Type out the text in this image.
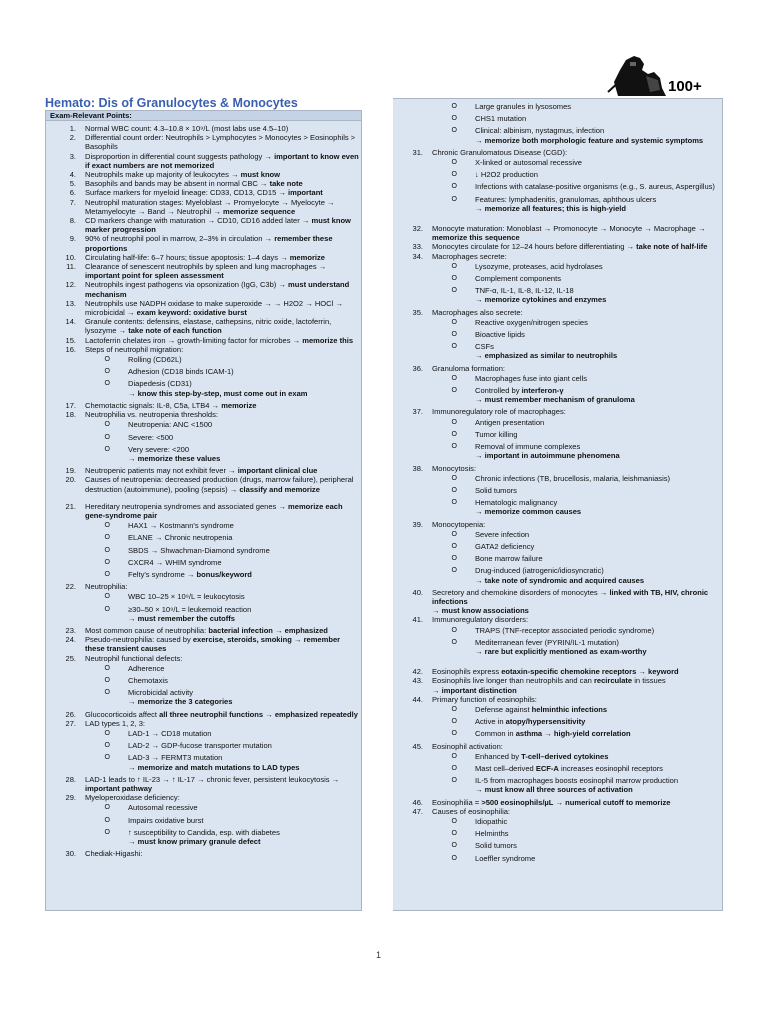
100+
Hemato: Dis of Granulocytes & Monocytes
Exam-Relevant Points:
1.	Normal WBC count: 4.3–10.8 × 10⁹/L (most labs use 4.5–10)
2.	Differential count order: Neutrophils > Lymphocytes > Monocytes > Eosinophils > Basophils
3.	Disproportion in differential count suggests pathology → important to know even if exact numbers are not memorized
4.	Neutrophils make up majority of leukocytes → must know
5.	Basophils and bands may be absent in normal CBC → take note
6.	Surface markers for myeloid lineage: CD33, CD13, CD15 → important
7.	Neutrophil maturation stages: Myeloblast → Promyelocyte → Myelocyte → Metamyelocyte → Band → Neutrophil → memorize sequence
8.	CD markers change with maturation → CD10, CD16 added later → must know marker progression
9.	90% of neutrophil pool in marrow, 2–3% in circulation → remember these proportions
10.	Circulating half-life: 6–7 hours; tissue apoptosis: 1–4 days → memorize
11.	Clearance of senescent neutrophils by spleen and lung macrophages → important point for spleen assessment
12.	Neutrophils ingest pathogens via opsonization (IgG, C3b) → must understand mechanism
13.	Neutrophils use NADPH oxidase to make superoxide → → H2O2 → HOCl → microbicidal → exam keyword: oxidative burst
14.	Granule contents: defensins, elastase, cathepsins, nitric oxide, lactoferrin, lysozyme → take note of each function
15.	Lactoferrin chelates iron → growth-limiting factor for microbes → memorize this
16.	Steps of neutrophil migration:
O	Rolling (CD62L)
O	Adhesion (CD18 binds ICAM-1)
O	Diapedesis (CD31)
→ know this step-by-step, must come out in exam
17.	Chemotactic signals: IL-8, C5a, LTB4 → memorize
18.	Neutrophilia vs. neutropenia thresholds:
O	Neutropenia: ANC <1500
O	Severe: <500
O	Very severe: <200
→ memorize these values
19.	Neutropenic patients may not exhibit fever → important clinical clue
20.	Causes of neutropenia: decreased production (drugs, marrow failure), peripheral destruction (autoimmune), pooling (sepsis) → classify and memorize
21.	Hereditary neutropenia syndromes and associated genes → memorize each gene-syndrome pair
O	HAX1 → Kostmann's syndrome
O	ELANE → Chronic neutropenia
O	SBDS → Shwachman-Diamond syndrome
O	CXCR4 → WHIM syndrome
O	Felty's syndrome → bonus/keyword
22.	Neutrophilia:
O	WBC 10–25 × 10⁹/L = leukocytosis
O	≥30–50 × 10⁹/L = leukemoid reaction
→ must remember the cutoffs
23.	Most common cause of neutrophilia: bacterial infection → emphasized
24.	Pseudo-neutrophilia: caused by exercise, steroids, smoking → remember these transient causes
25.	Neutrophil functional defects:
O	Adherence
O	Chemotaxis
O	Microbicidal activity
→ memorize the 3 categories
26.	Glucocorticoids affect all three neutrophil functions → emphasized repeatedly
27.	LAD types 1, 2, 3:
O	LAD-1 → CD18 mutation
O	LAD-2 → GDP-fucose transporter mutation
O	LAD-3 → FERMT3 mutation
→ memorize and match mutations to LAD types
28.	LAD-1 leads to ↑ IL-23 → ↑ IL-17 → chronic fever, persistent leukocytosis → important pathway
29.	Myeloperoxidase deficiency:
O	Autosomal recessive
O	Impairs oxidative burst
O	↑ susceptibility to Candida, esp. with diabetes
→ must know primary granule defect
30.	Chediak-Higashi:
O	Large granules in lysosomes
O	CHS1 mutation
O	Clinical: albinism, nystagmus, infection
→ memorize both morphologic feature and systemic symptoms
31.	Chronic Granulomatous Disease (CGD):
O	X-linked or autosomal recessive
O	↓ H2O2 production
O	Infections with catalase-positive organisms (e.g., S. aureus, Aspergillus)
O	Features: lymphadenitis, granulomas, aphthous ulcers
→ memorize all features; this is high-yield
32.	Monocyte maturation: Monoblast → Promonocyte → Monocyte → Macrophage → memorize this sequence
33.	Monocytes circulate for 12–24 hours before differentiating → take note of half-life
34.	Macrophages secrete:
O	Lysozyme, proteases, acid hydrolases
O	Complement components
O	TNF-α, IL-1, IL-8, IL-12, IL-18
→ memorize cytokines and enzymes
35.	Macrophages also secrete:
O	Reactive oxygen/nitrogen species
O	Bioactive lipids
O	CSFs
→ emphasized as similar to neutrophils
36.	Granuloma formation:
O	Macrophages fuse into giant cells
O	Controlled by interferon-γ
→ must remember mechanism of granuloma
37.	Immunoregulatory role of macrophages:
O	Antigen presentation
O	Tumor killing
O	Removal of immune complexes
→ important in autoimmune phenomena
38.	Monocytosis:
O	Chronic infections (TB, brucellosis, malaria, leishmaniasis)
O	Solid tumors
O	Hematologic malignancy
→ memorize common causes
39.	Monocytopenia:
O	Severe infection
O	GATA2 deficiency
O	Bone marrow failure
O	Drug-induced (iatrogenic/idiosyncratic)
→ take note of syndromic and acquired causes
40.	Secretory and chemokine disorders of monocytes → linked with TB, HIV, chronic infections
→ must know associations
41.	Immunoregulatory disorders:
O	TRAPS (TNF-receptor associated periodic syndrome)
O	Mediterranean fever (PYRIN/IL-1 mutation)
→ rare but explicitly mentioned as exam-worthy
42.	Eosinophils express eotaxin-specific chemokine receptors → keyword
43.	Eosinophils live longer than neutrophils and can recirculate in tissues
→ important distinction
44.	Primary function of eosinophils:
O	Defense against helminthic infections
O	Active in atopy/hypersensitivity
O	Common in asthma → high-yield correlation
45.	Eosinophil activation:
O	Enhanced by T-cell–derived cytokines
O	Mast cell–derived ECF-A increases eosinophil receptors
O	IL-5 from macrophages boosts eosinophil marrow production
→ must know all three sources of activation
46.	Eosinophilia = >500 eosinophils/µL → numerical cutoff to memorize
47.	Causes of eosinophilia:
O	Idiopathic
O	Helminths
O	Solid tumors
O	Loeffler syndrome
1
